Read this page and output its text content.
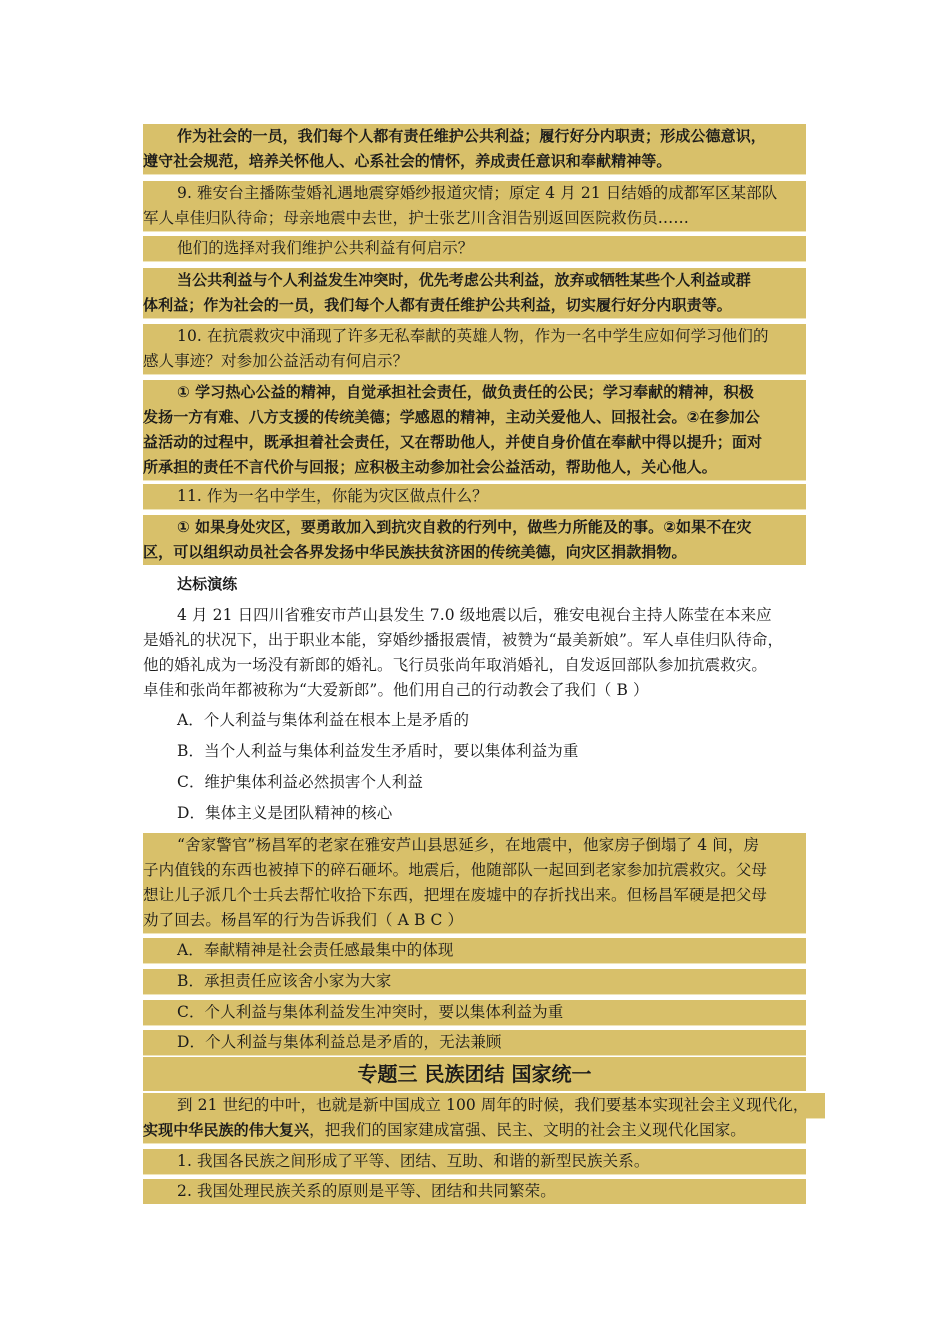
作为社会的一员，我们每个人都有责任维护公共利益；履行好分内职责；形成公德意识，
遵守社会规范，培养关怀他人、心系社会的情怀，养成责任意识和奉献精神等。
9. 雅安台主播陈莹婚礼遇地震穿婚纱报道灾情；原定 4 月 21 日结婚的成都军区某部队
军人卓佳归队待命；母亲地震中去世，护士张艺川含泪告别返回医院救伤员……
他们的选择对我们维护公共利益有何启示？
当公共利益与个人利益发生冲突时，优先考虑公共利益，放弃或牺牲某些个人利益或群
体利益；作为社会的一员，我们每个人都有责任维护公共利益，切实履行好分内职责等。
10. 在抗震救灾中涌现了许多无私奉献的英雄人物，作为一名中学生应如何学习他们的
感人事迹？对参加公益活动有何启示？
① 学习热心公益的精神，自觉承担社会责任，做负责任的公民；学习奉献的精神，积极
发扬一方有难、八方支援的传统美德；学感恩的精神，主动关爱他人、回报社会。②在参加公
益活动的过程中，既承担着社会责任，又在帮助他人，并使自身价值在奉献中得以提升；面对
所承担的责任不言代价与回报；应积极主动参加社会公益活动，帮助他人，关心他人。
11. 作为一名中学生，你能为灾区做点什么？
① 如果身处灾区，要勇敢加入到抗灾自救的行列中，做些力所能及的事。②如果不在灾
区，可以组织动员社会各界发扬中华民族扶贫济困的传统美德，向灾区捐款捐物。
达标演练
4 月 21 日四川省雅安市芦山县发生 7.0 级地震以后，雅安电视台主持人陈莹在本来应
是婚礼的状况下，出于职业本能，穿婚纱播报震情，被赞为“最美新娘”。军人卓佳归队待命，
他的婚礼成为一场没有新郎的婚礼。飞行员张尚年取消婚礼，自发返回部队参加抗震救灾。
卓佳和张尚年都被称为“大爱新郎”。他们用自己的行动教会了我们（ B ）
A．个人利益与集体利益在根本上是矛盾的
B．当个人利益与集体利益发生矛盾时，要以集体利益为重
C．维护集体利益必然损害个人利益
D．集体主义是团队精神的核心
“舍家警官”杨昌军的老家在雅安芦山县思延乡，在地震中，他家房子倒塌了 4 间，房
子内值钱的东西也被掉下的碎石砸坏。地震后，他随部队一起回到老家参加抗震救灾。父母
想让儿子派几个士兵去帮忙收拾下东西，把埋在废墟中的存折找出来。但杨昌军硬是把父母
劝了回去。杨昌军的行为告诉我们（ A B C ）
A．奉献精神是社会责任感最集中的体现
B．承担责任应该舍小家为大家
C．个人利益与集体利益发生冲突时，要以集体利益为重
D．个人利益与集体利益总是矛盾的，无法兼顾
专题三 民族团结 国家统一
到 21 世纪的中叶，也就是新中国成立 100 周年的时候，我们要基本实现社会主义现代化，
实现中华民族的伟大复兴，把我们的国家建成富强、民主、文明的社会主义现代化国家。
1. 我国各民族之间形成了平等、团结、互助、和谐的新型民族关系。
2. 我国处理民族关系的原则是平等、团结和共同繁荣。
